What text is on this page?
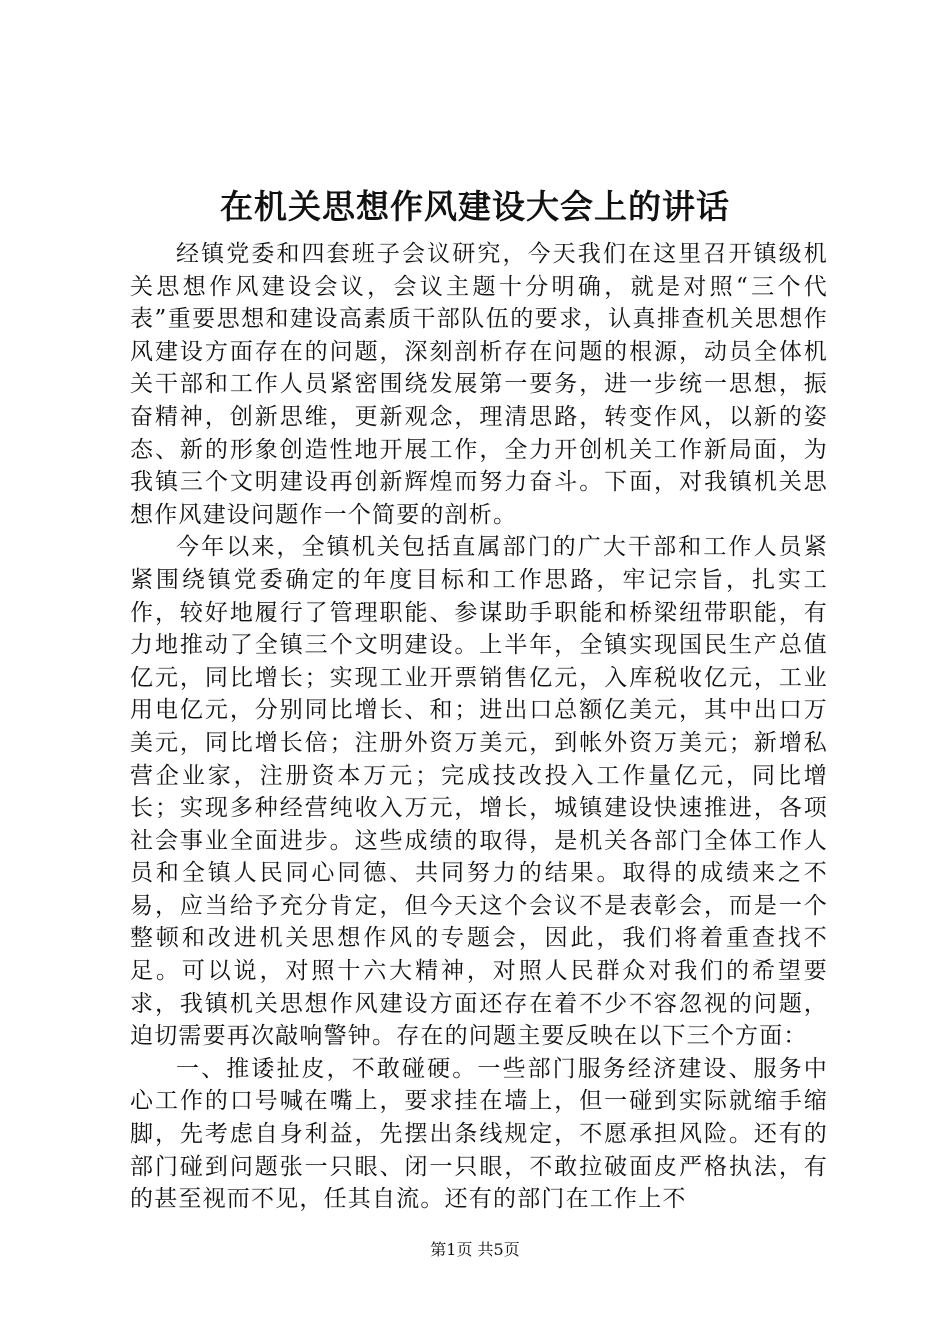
在机关思想作风建设大会上的讲话

经镇党委和四套班子会议研究，今天我们在这里召开镇级机关思想作风建设会议，会议主题十分明确，就是对照“三个代表”重要思想和建设高素质干部队伍的要求，认真排查机关思想作风建设方面存在的问题，深刻剖析存在问题的根源，动员全体机关干部和工作人员紧密围绕发展第一要务，进一步统一思想，振奋精神，创新思维，更新观念，理清思路，转变作风，以新的姿态、新的形象创造性地开展工作，全力开创机关工作新局面，为我镇三个文明建设再创新辉煌而努力奋斗。下面，对我镇机关思想作风建设问题作一个简要的剖析。

今年以来，全镇机关包括直属部门的广大干部和工作人员紧紧围绕镇党委确定的年度目标和工作思路，牢记宗旨，扎实工作，较好地履行了管理职能、参谋助手职能和桥梁纽带职能，有力地推动了全镇三个文明建设。上半年，全镇实现国民生产总值亿元，同比增长；实现工业开票销售亿元，入库税收亿元，工业用电亿元，分别同比增长、和；进出口总额亿美元，其中出口万美元，同比增长倍；注册外资万美元，到帐外资万美元；新增私营企业家，注册资本万元；完成技改投入工作量亿元，同比增长；实现多种经营纯收入万元，增长，城镇建设快速推进，各项社会事业全面进步。这些成绩的取得，是机关各部门全体工作人员和全镇人民同心同德、共同努力的结果。取得的成绩来之不易，应当给予充分肯定，但今天这个会议不是表彰会，而是一个整顿和改进机关思想作风的专题会，因此，我们将着重查找不足。可以说，对照十六大精神，对照人民群众对我们的希望要求，我镇机关思想作风建设方面还存在着不少不容忽视的问题，迫切需要再次敲响警钟。存在的问题主要反映在以下三个方面：

一、推诿扯皮，不敢碰硬。一些部门服务经济建设、服务中心工作的口号喊在嘴上，要求挂在墙上，但一碰到实际就缩手缩脚，先考虑自身利益，先摆出条线规定，不愿承担风险。还有的部门碰到问题张一只眼、闭一只眼，不敢拉破面皮严格执法，有的甚至视而不见，任其自流。还有的部门在工作上不

第1页 共5页
